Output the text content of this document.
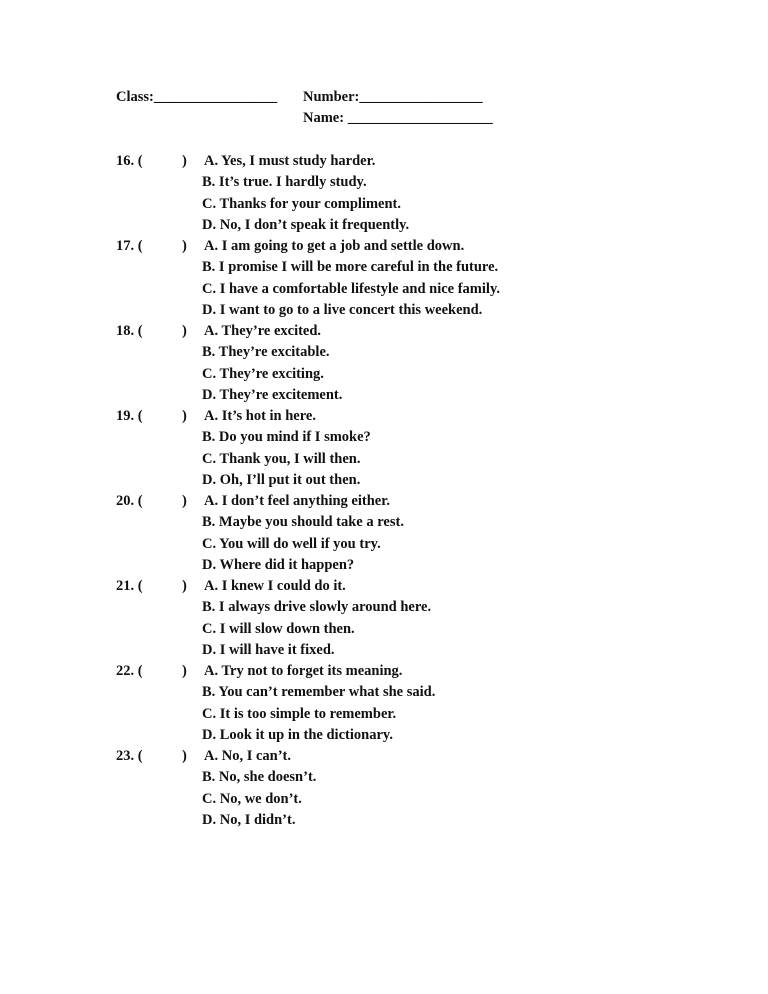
Class:_________________ Number:_________________
Name: ____________________
16. (	) A. Yes, I must study harder.
B. It’s true. I hardly study.
C. Thanks for your compliment.
D. No, I don’t speak it frequently.
17. (	) A. I am going to get a job and settle down.
B. I promise I will be more careful in the future.
C. I have a comfortable lifestyle and nice family.
D. I want to go to a live concert this weekend.
18. (	) A. They’re excited.
B. They’re excitable.
C. They’re exciting.
D. They’re excitement.
19. (	) A. It’s hot in here.
B. Do you mind if I smoke?
C. Thank you, I will then.
D. Oh, I’ll put it out then.
20. (	) A. I don’t feel anything either.
B. Maybe you should take a rest.
C. You will do well if you try.
D. Where did it happen?
21. (	) A. I knew I could do it.
B. I always drive slowly around here.
C. I will slow down then.
D. I will have it fixed.
22. (	) A. Try not to forget its meaning.
B. You can’t remember what she said.
C. It is too simple to remember.
D. Look it up in the dictionary.
23. (	) A. No, I can’t.
B. No, she doesn’t.
C. No, we don’t.
D. No, I didn’t.
